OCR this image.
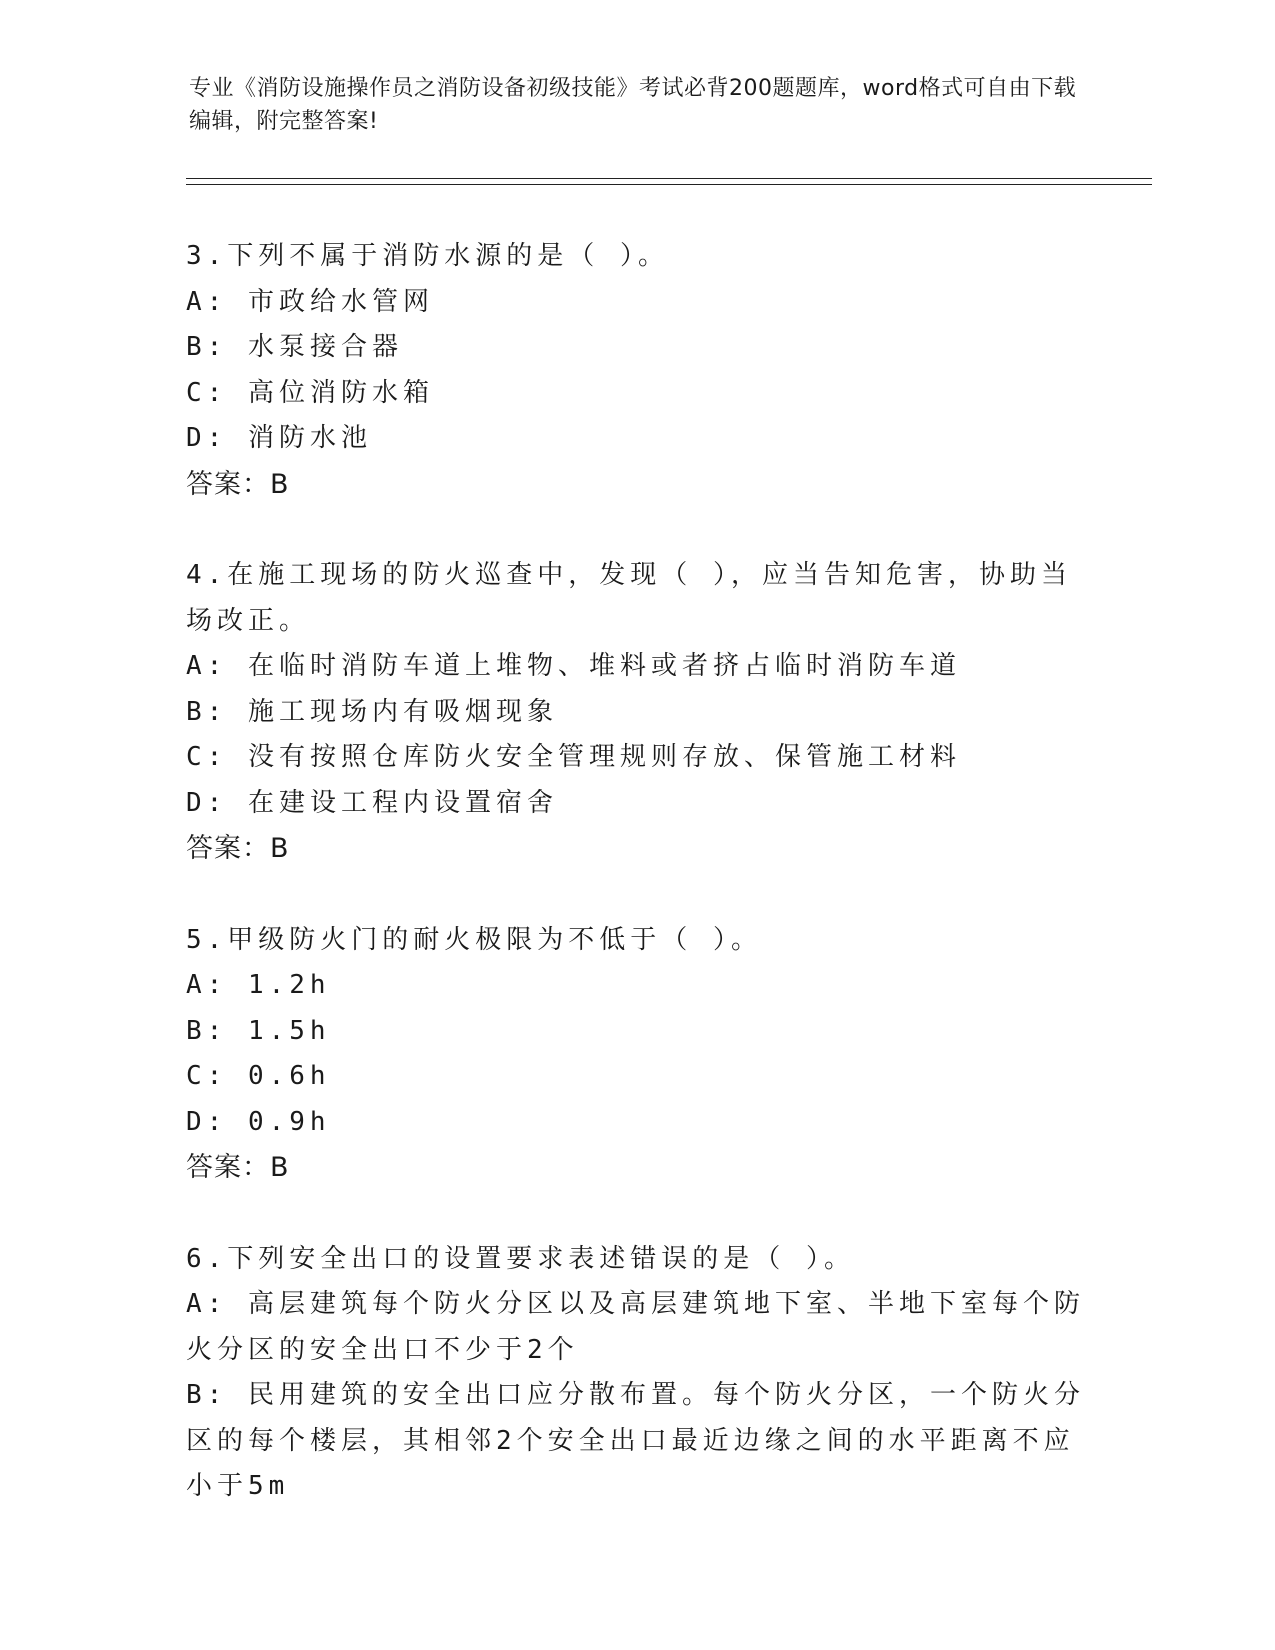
专业《消防设施操作员之消防设备初级技能》考试必背200题题库，word格式可自由下载编辑，附完整答案!
3.下列不属于消防水源的是（ ）。
A: 市政给水管网
B: 水泵接合器
C: 高位消防水箱
D: 消防水池
答案：B
4.在施工现场的防火巡查中，发现（ ），应当告知危害，协助当场改正。
A: 在临时消防车道上堆物、堆料或者挤占临时消防车道
B: 施工现场内有吸烟现象
C: 没有按照仓库防火安全管理规则存放、保管施工材料
D: 在建设工程内设置宿舍
答案：B
5.甲级防火门的耐火极限为不低于（ ）。
A: 1.2h
B: 1.5h
C: 0.6h
D: 0.9h
答案：B
6.下列安全出口的设置要求表述错误的是（ ）。
A: 高层建筑每个防火分区以及高层建筑地下室、半地下室每个防火分区的安全出口不少于2个
B: 民用建筑的安全出口应分散布置。每个防火分区，一个防火分区的每个楼层，其相邻2个安全出口最近边缘之间的水平距离不应小于5m
